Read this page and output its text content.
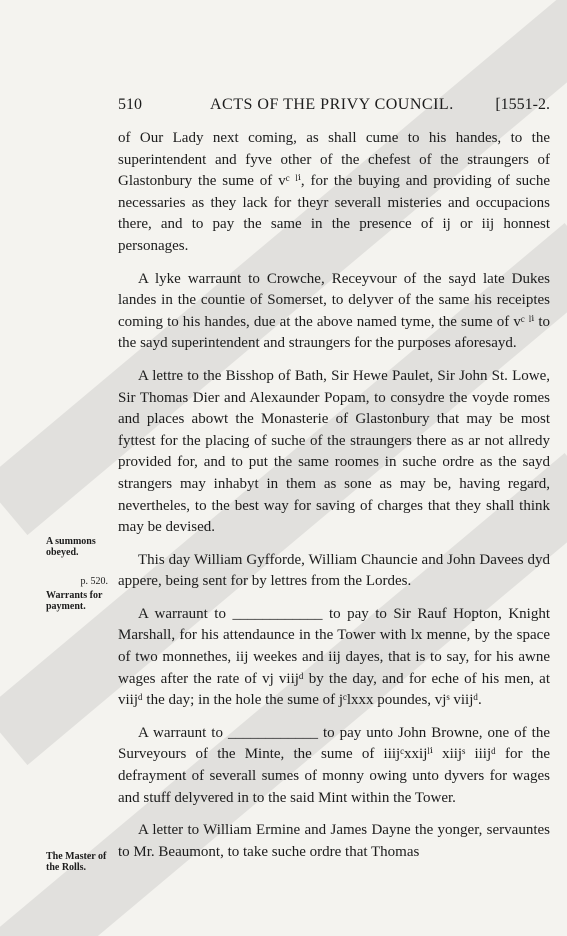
510	ACTS OF THE PRIVY COUNCIL.	[1551-2.

of Our Lady next coming, as shall cume to his handes, to the superintendent and fyve other of the chefest of the straungers of Glastonbury the sume of vᶜ ˡⁱ, for the buying and providing of suche necessaries as they lack for theyr severall misteries and occupacions there, and to pay the same in the presence of ij or iij honnest personages.

A lyke warraunt to Crowche, Receyvour of the sayd late Dukes landes in the countie of Somerset, to delyver of the same his receiptes coming to his handes, due at the above named tyme, the sume of vᶜ ˡⁱ to the sayd superintendent and straungers for the purposes aforesayd.

A lettre to the Bisshop of Bath, Sir Hewe Paulet, Sir John St. Lowe, Sir Thomas Dier and Alexaunder Popam, to consydre the voyde romes and places abowt the Monasterie of Glastonbury that may be most fyttest for the placing of suche of the straungers there as ar not allredy provided for, and to put the same roomes in suche ordre as the sayd strangers may inhabyt in them as sone as may be, having regard, nevertheles, to the best way for saving of charges that they shall think may be devised.

This day William Gyfforde, William Chauncie and John Davees dyd appere, being sent for by lettres from the Lordes.

A warraunt to ____________ to pay to Sir Rauf Hopton, Knight Marshall, for his attendaunce in the Tower with lx menne, by the space of two monnethes, iij weekes and iij dayes, that is to say, for his awne wages after the rate of vj viijᵈ by the day, and for eche of his men, at viijᵈ the day; in the hole the sume of jᶜlxxx poundes, vjˢ viijᵈ.

A warraunt to ____________ to pay unto John Browne, one of the Surveyours of the Minte, the sume of iiijᶜxxijˡⁱ xiijˢ iiijᵈ for the defrayment of severall sumes of monny owing unto dyvers for wages and stuff delyvered in to the said Mint within the Tower.

A letter to William Ermine and James Dayne the yonger, servauntes to Mr. Beaumont, to take suche ordre that Thomas

A summons obeyed.
p. 520.
Warrants for payment.
The Master of the Rolls.
